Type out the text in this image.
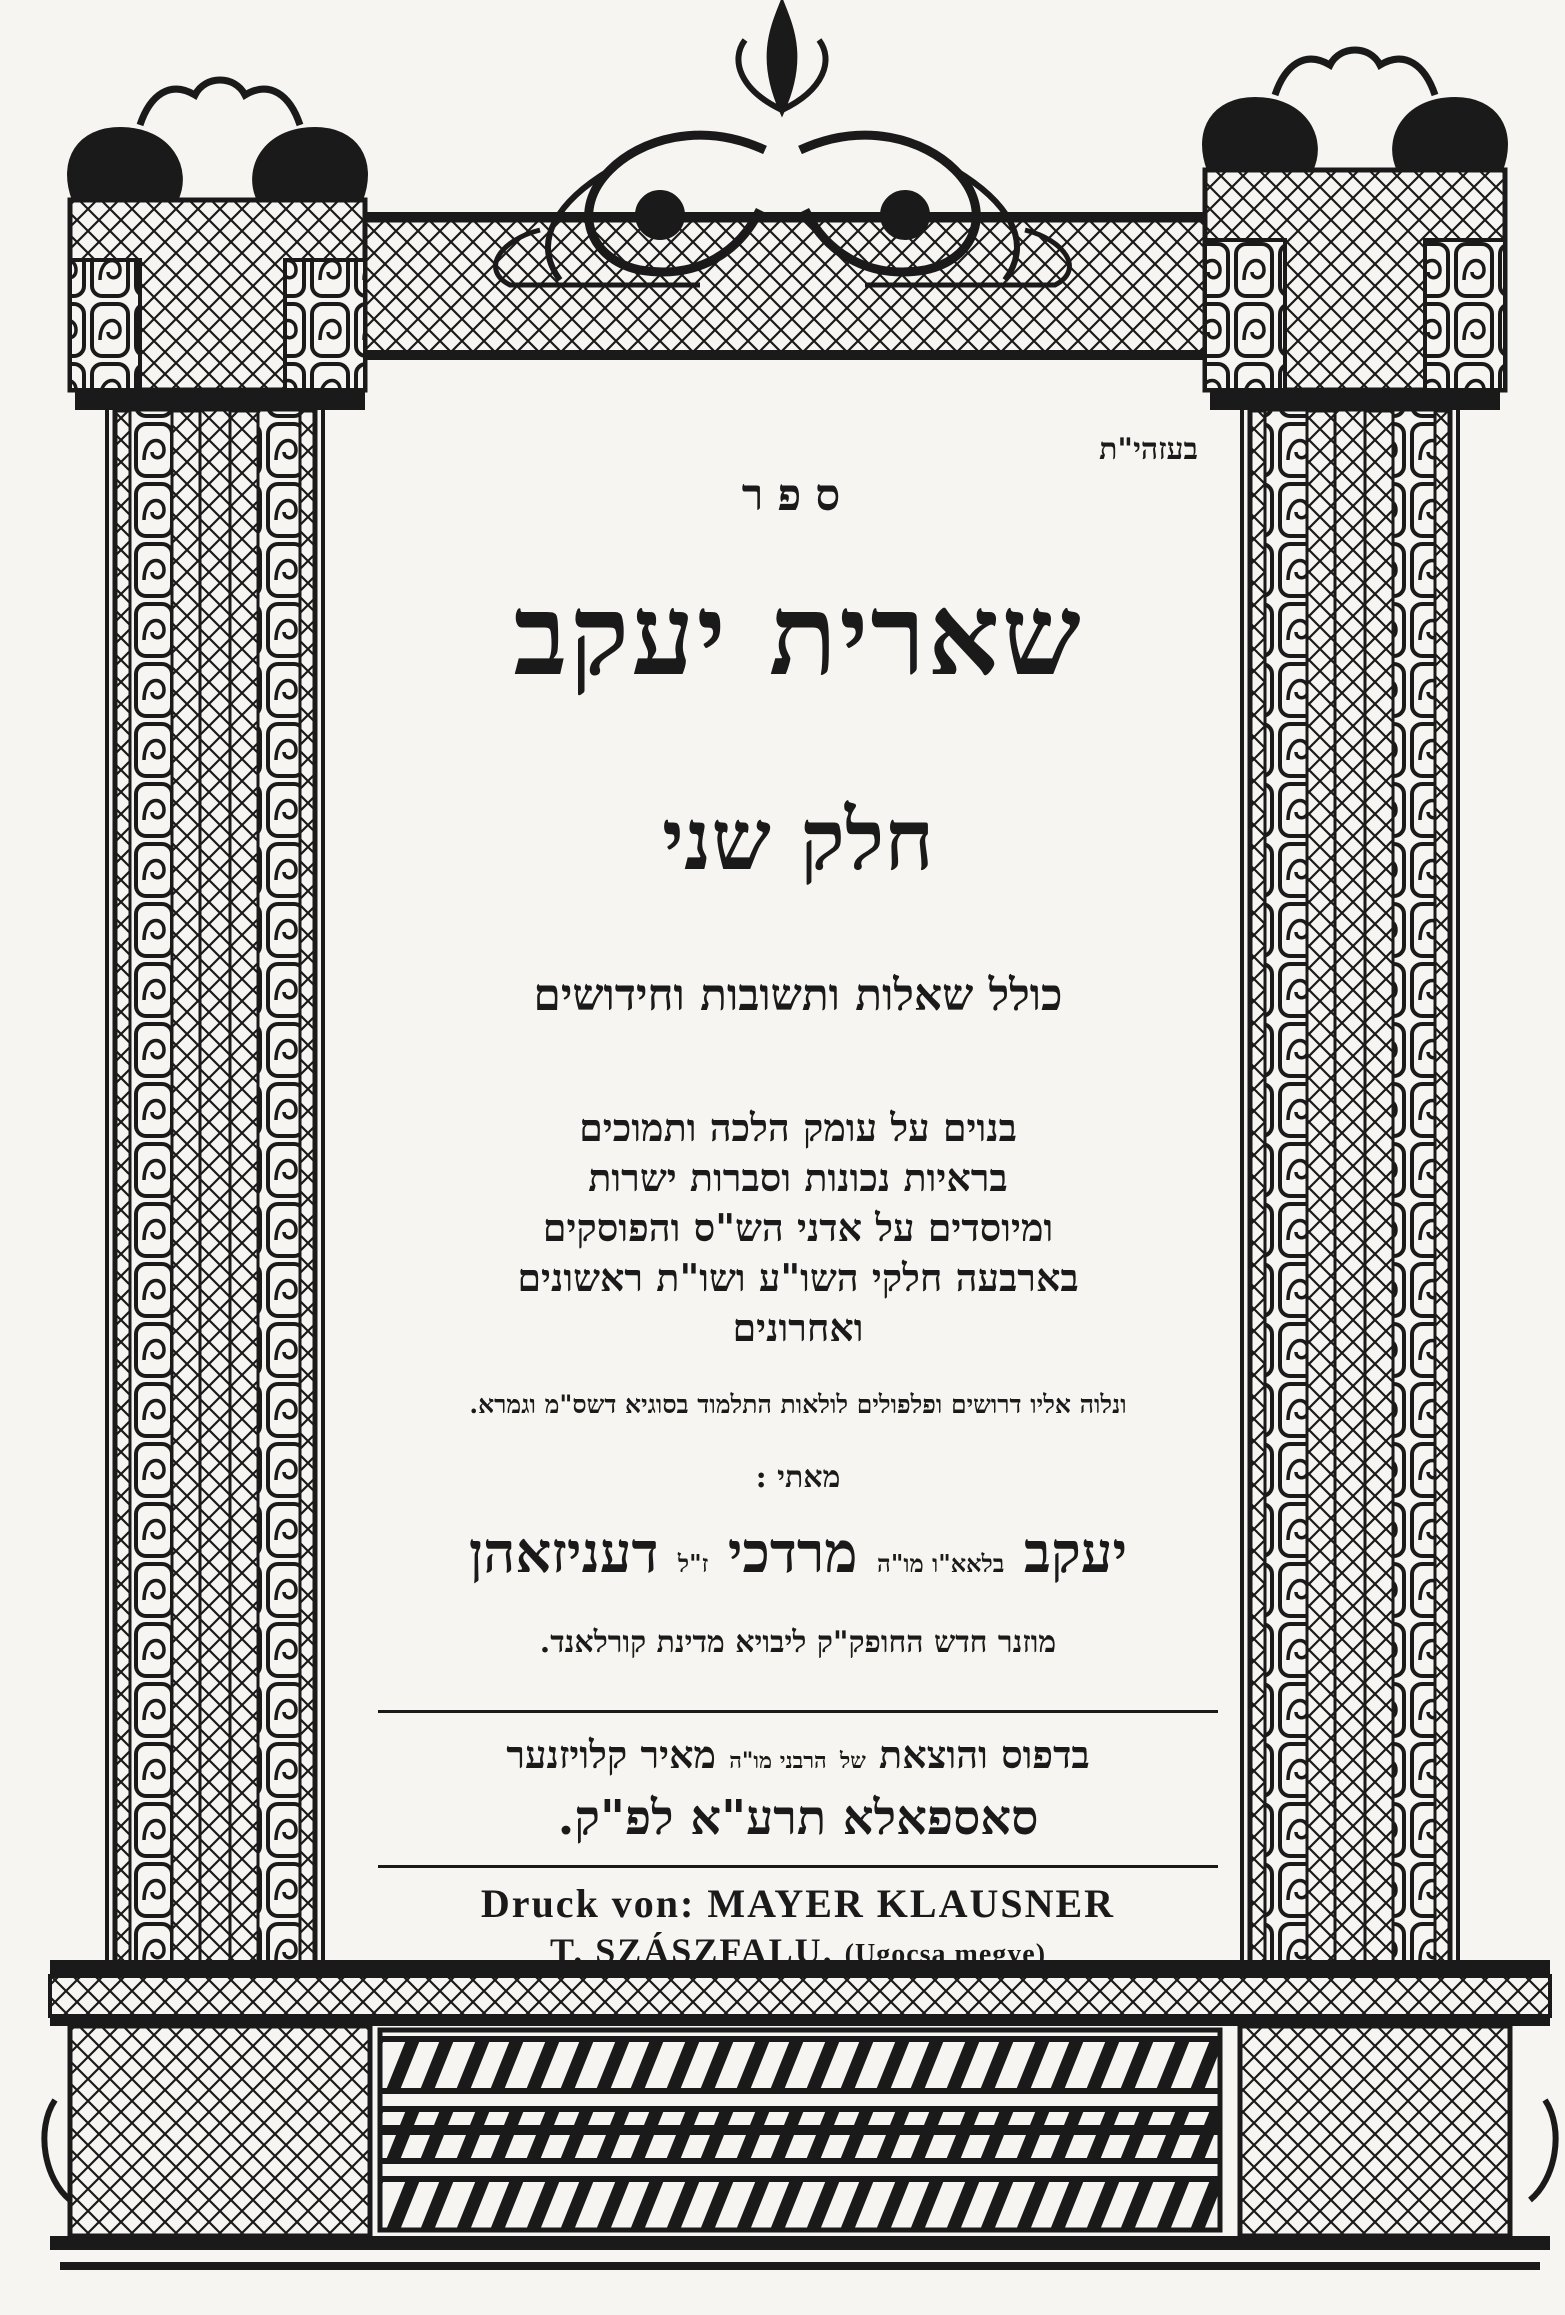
בעזהי"ת
ספר
שארית יעקב
חלק שני
כולל שאלות ותשובות וחידושים
בנוים על עומק הלכה ותמוכים
בראיות נכונות וסברות ישרות
ומיוסדים על אדני הש"ס והפוסקים
בארבעה חלקי השו"ע ושו"ת ראשונים
ואחרונים
ונלוה אליו דרושים ופלפולים לולאות התלמוד בסוגיא דשס"מ וגמרא.
מאתי :
יעקב בלאא"ו מו"ה מרדכי ז"ל דעניזאהן
מוזנר חדש החופק"ק ליבויא מדינת קורלאנד.
בדפוס והוצאת של הרבני מו"ה מאיר קלויזנער
סאספאלא תרע"א לפ"ק.
Druck von: MAYER KLAUSNER
T. SZÁSZFALU. (Ugocsa megye)
